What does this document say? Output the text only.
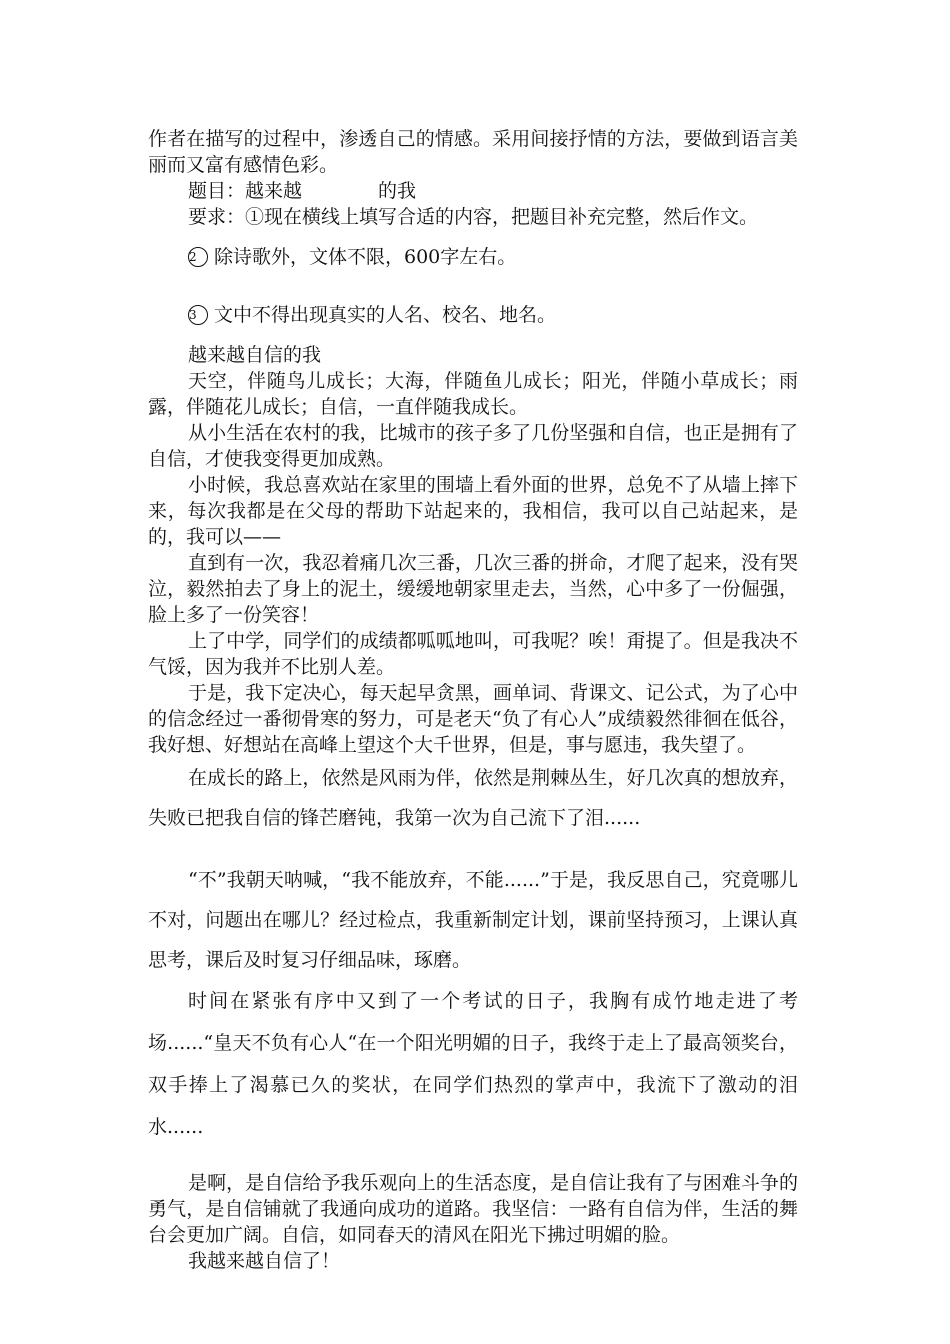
作者在描写的过程中，渗透自己的情感。采用间接抒情的方法，要做到语言美丽而又富有感情色彩。

题目：越来越	的我

要求：①现在横线上填写合适的内容，把题目补充完整，然后作文。

2 除诗歌外，文体不限，600字左右。

3 文中不得出现真实的人名、校名、地名。

越来越自信的我

天空，伴随鸟儿成长；大海，伴随鱼儿成长；阳光，伴随小草成长；雨露，伴随花儿成长；自信，一直伴随我成长。

从小生活在农村的我，比城市的孩子多了几份坚强和自信，也正是拥有了自信，才使我变得更加成熟。

小时候，我总喜欢站在家里的围墙上看外面的世界，总免不了从墙上摔下来，每次我都是在父母的帮助下站起来的，我相信，我可以自己站起来，是的，我可以——

直到有一次，我忍着痛几次三番，几次三番的拼命，才爬了起来，没有哭泣，毅然拍去了身上的泥土，缓缓地朝家里走去，当然，心中多了一份倔强，脸上多了一份笑容！

上了中学，同学们的成绩都呱呱地叫，可我呢？唉！甭提了。但是我决不气馁，因为我并不比别人差。

于是，我下定决心，每天起早贪黑，画单词、背课文、记公式，为了心中的信念经过一番彻骨寒的努力，可是老天“负了有心人”成绩毅然徘徊在低谷，我好想、好想站在高峰上望这个大千世界，但是，事与愿违，我失望了。

在成长的路上，依然是风雨为伴，依然是荆棘丛生，好几次真的想放弃，失败已把我自信的锋芒磨钝，我第一次为自己流下了泪......

“不”我朝天呐喊，“我不能放弃，不能......”于是，我反思自己，究竟哪儿不对，问题出在哪儿？经过检点，我重新制定计划，课前坚持预习，上课认真思考，课后及时复习仔细品味，琢磨。

时间在紧张有序中又到了一个考试的日子，我胸有成竹地走进了考场......“皇天不负有心人“在一个阳光明媚的日子，我终于走上了最高领奖台，双手捧上了渴慕已久的奖状，在同学们热烈的掌声中，我流下了激动的泪水......

是啊，是自信给予我乐观向上的生活态度，是自信让我有了与困难斗争的勇气，是自信铺就了我通向成功的道路。我坚信：一路有自信为伴，生活的舞台会更加广阔。自信，如同春天的清风在阳光下拂过明媚的脸。

我越来越自信了！
